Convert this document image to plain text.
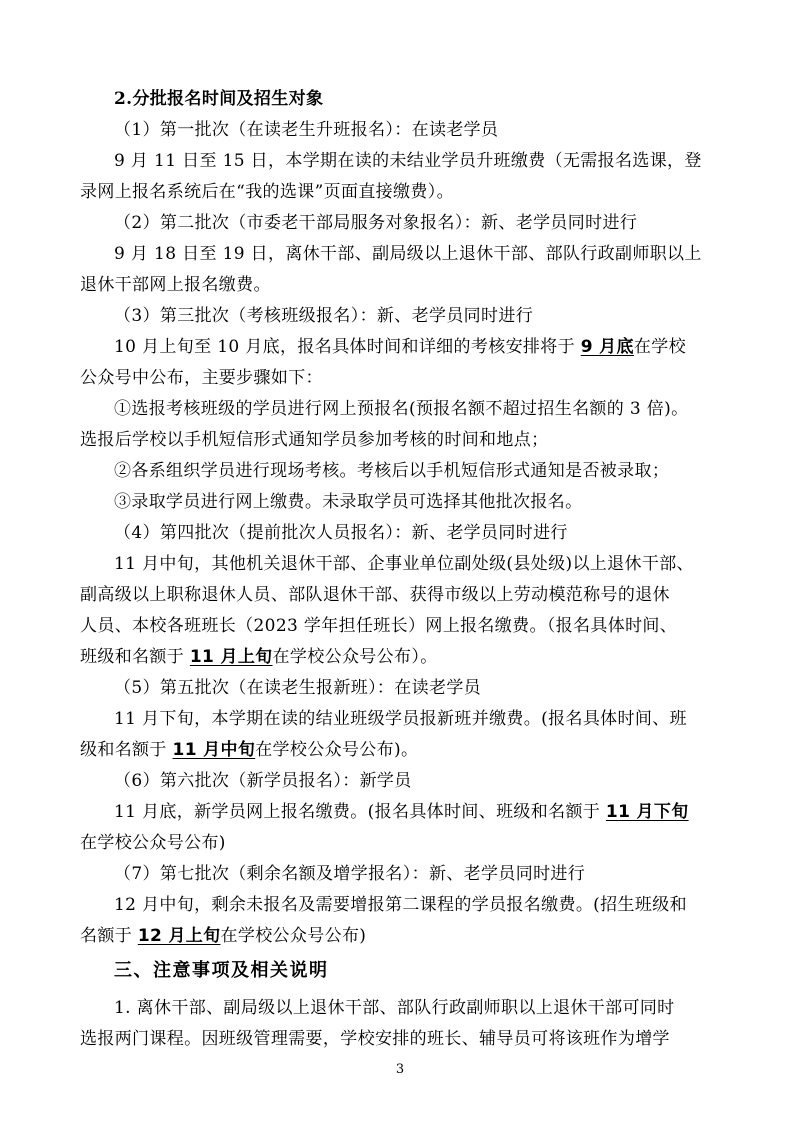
2.分批报名时间及招生对象
（1）第一批次（在读老生升班报名）：在读老学员
9 月 11 日至 15 日，本学期在读的未结业学员升班缴费（无需报名选课，登
录网上报名系统后在“我的选课”页面直接缴费）。
（2）第二批次（市委老干部局服务对象报名）：新、老学员同时进行
9 月 18 日至 19 日，离休干部、副局级以上退休干部、部队行政副师职以上
退休干部网上报名缴费。
（3）第三批次（考核班级报名）：新、老学员同时进行
10 月上旬至 10 月底，报名具体时间和详细的考核安排将于 9 月底在学校
公众号中公布，主要步骤如下：
①选报考核班级的学员进行网上预报名(预报名额不超过招生名额的 3 倍)。
选报后学校以手机短信形式通知学员参加考核的时间和地点；
②各系组织学员进行现场考核。考核后以手机短信形式通知是否被录取；
③录取学员进行网上缴费。未录取学员可选择其他批次报名。
（4）第四批次（提前批次人员报名）：新、老学员同时进行
11 月中旬，其他机关退休干部、企事业单位副处级(县处级)以上退休干部、
副高级以上职称退休人员、部队退休干部、获得市级以上劳动模范称号的退休
人员、本校各班班长（2023 学年担任班长）网上报名缴费。（报名具体时间、
班级和名额于 11 月上旬在学校公众号公布）。
（5）第五批次（在读老生报新班）：在读老学员
11 月下旬，本学期在读的结业班级学员报新班并缴费。(报名具体时间、班
级和名额于 11 月中旬在学校公众号公布)。
（6）第六批次（新学员报名）：新学员
11 月底，新学员网上报名缴费。(报名具体时间、班级和名额于 11 月下旬
在学校公众号公布)
（7）第七批次（剩余名额及增学报名）：新、老学员同时进行
12 月中旬，剩余未报名及需要增报第二课程的学员报名缴费。(招生班级和
名额于 12 月上旬在学校公众号公布)
三、注意事项及相关说明
1. 离休干部、副局级以上退休干部、部队行政副师职以上退休干部可同时
选报两门课程。因班级管理需要，学校安排的班长、辅导员可将该班作为增学
3
